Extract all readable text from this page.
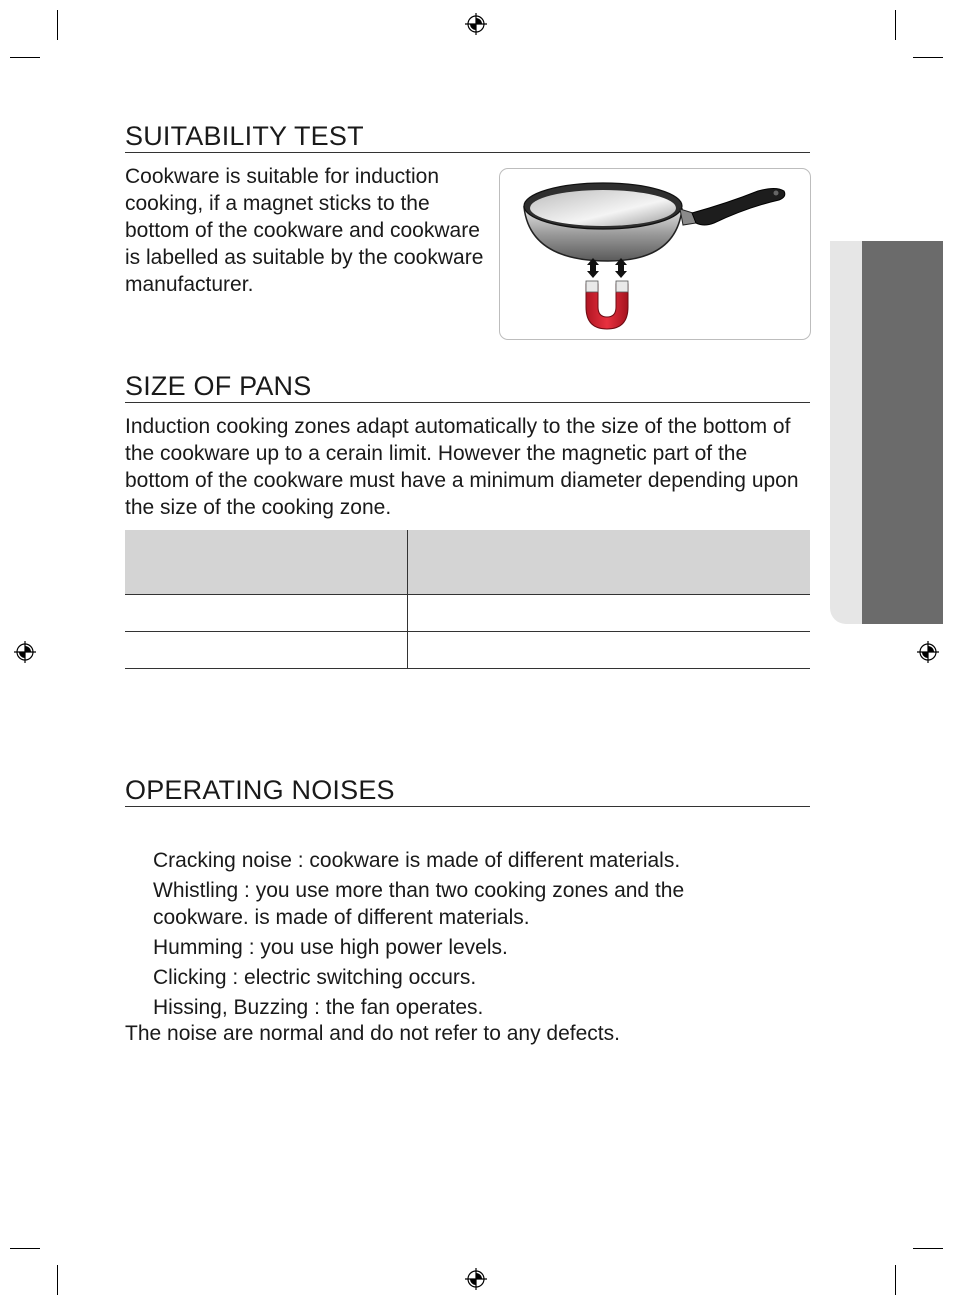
SUITABILITY TEST

Cookware is suitable for induction cooking, if a magnet sticks to the bottom of the cookware and cookware is labelled as suitable by the cookware manufacturer.

SIZE OF PANS

Induction cooking zones adapt automatically to the size of the bottom of the cookware up to a cerain limit. However the magnetic part of the bottom of the cookware must have a minimum diameter depending upon the size of the cooking zone.

OPERATING NOISES
Cracking noise : cookware is made of different materials.
Whistling : you use more than two cooking zones and the cookware. is made of different materials.
Humming : you use high power levels.
Clicking : electric switching occurs.
Hissing, Buzzing : the fan operates.

The noise are normal and do not refer to any defects.
